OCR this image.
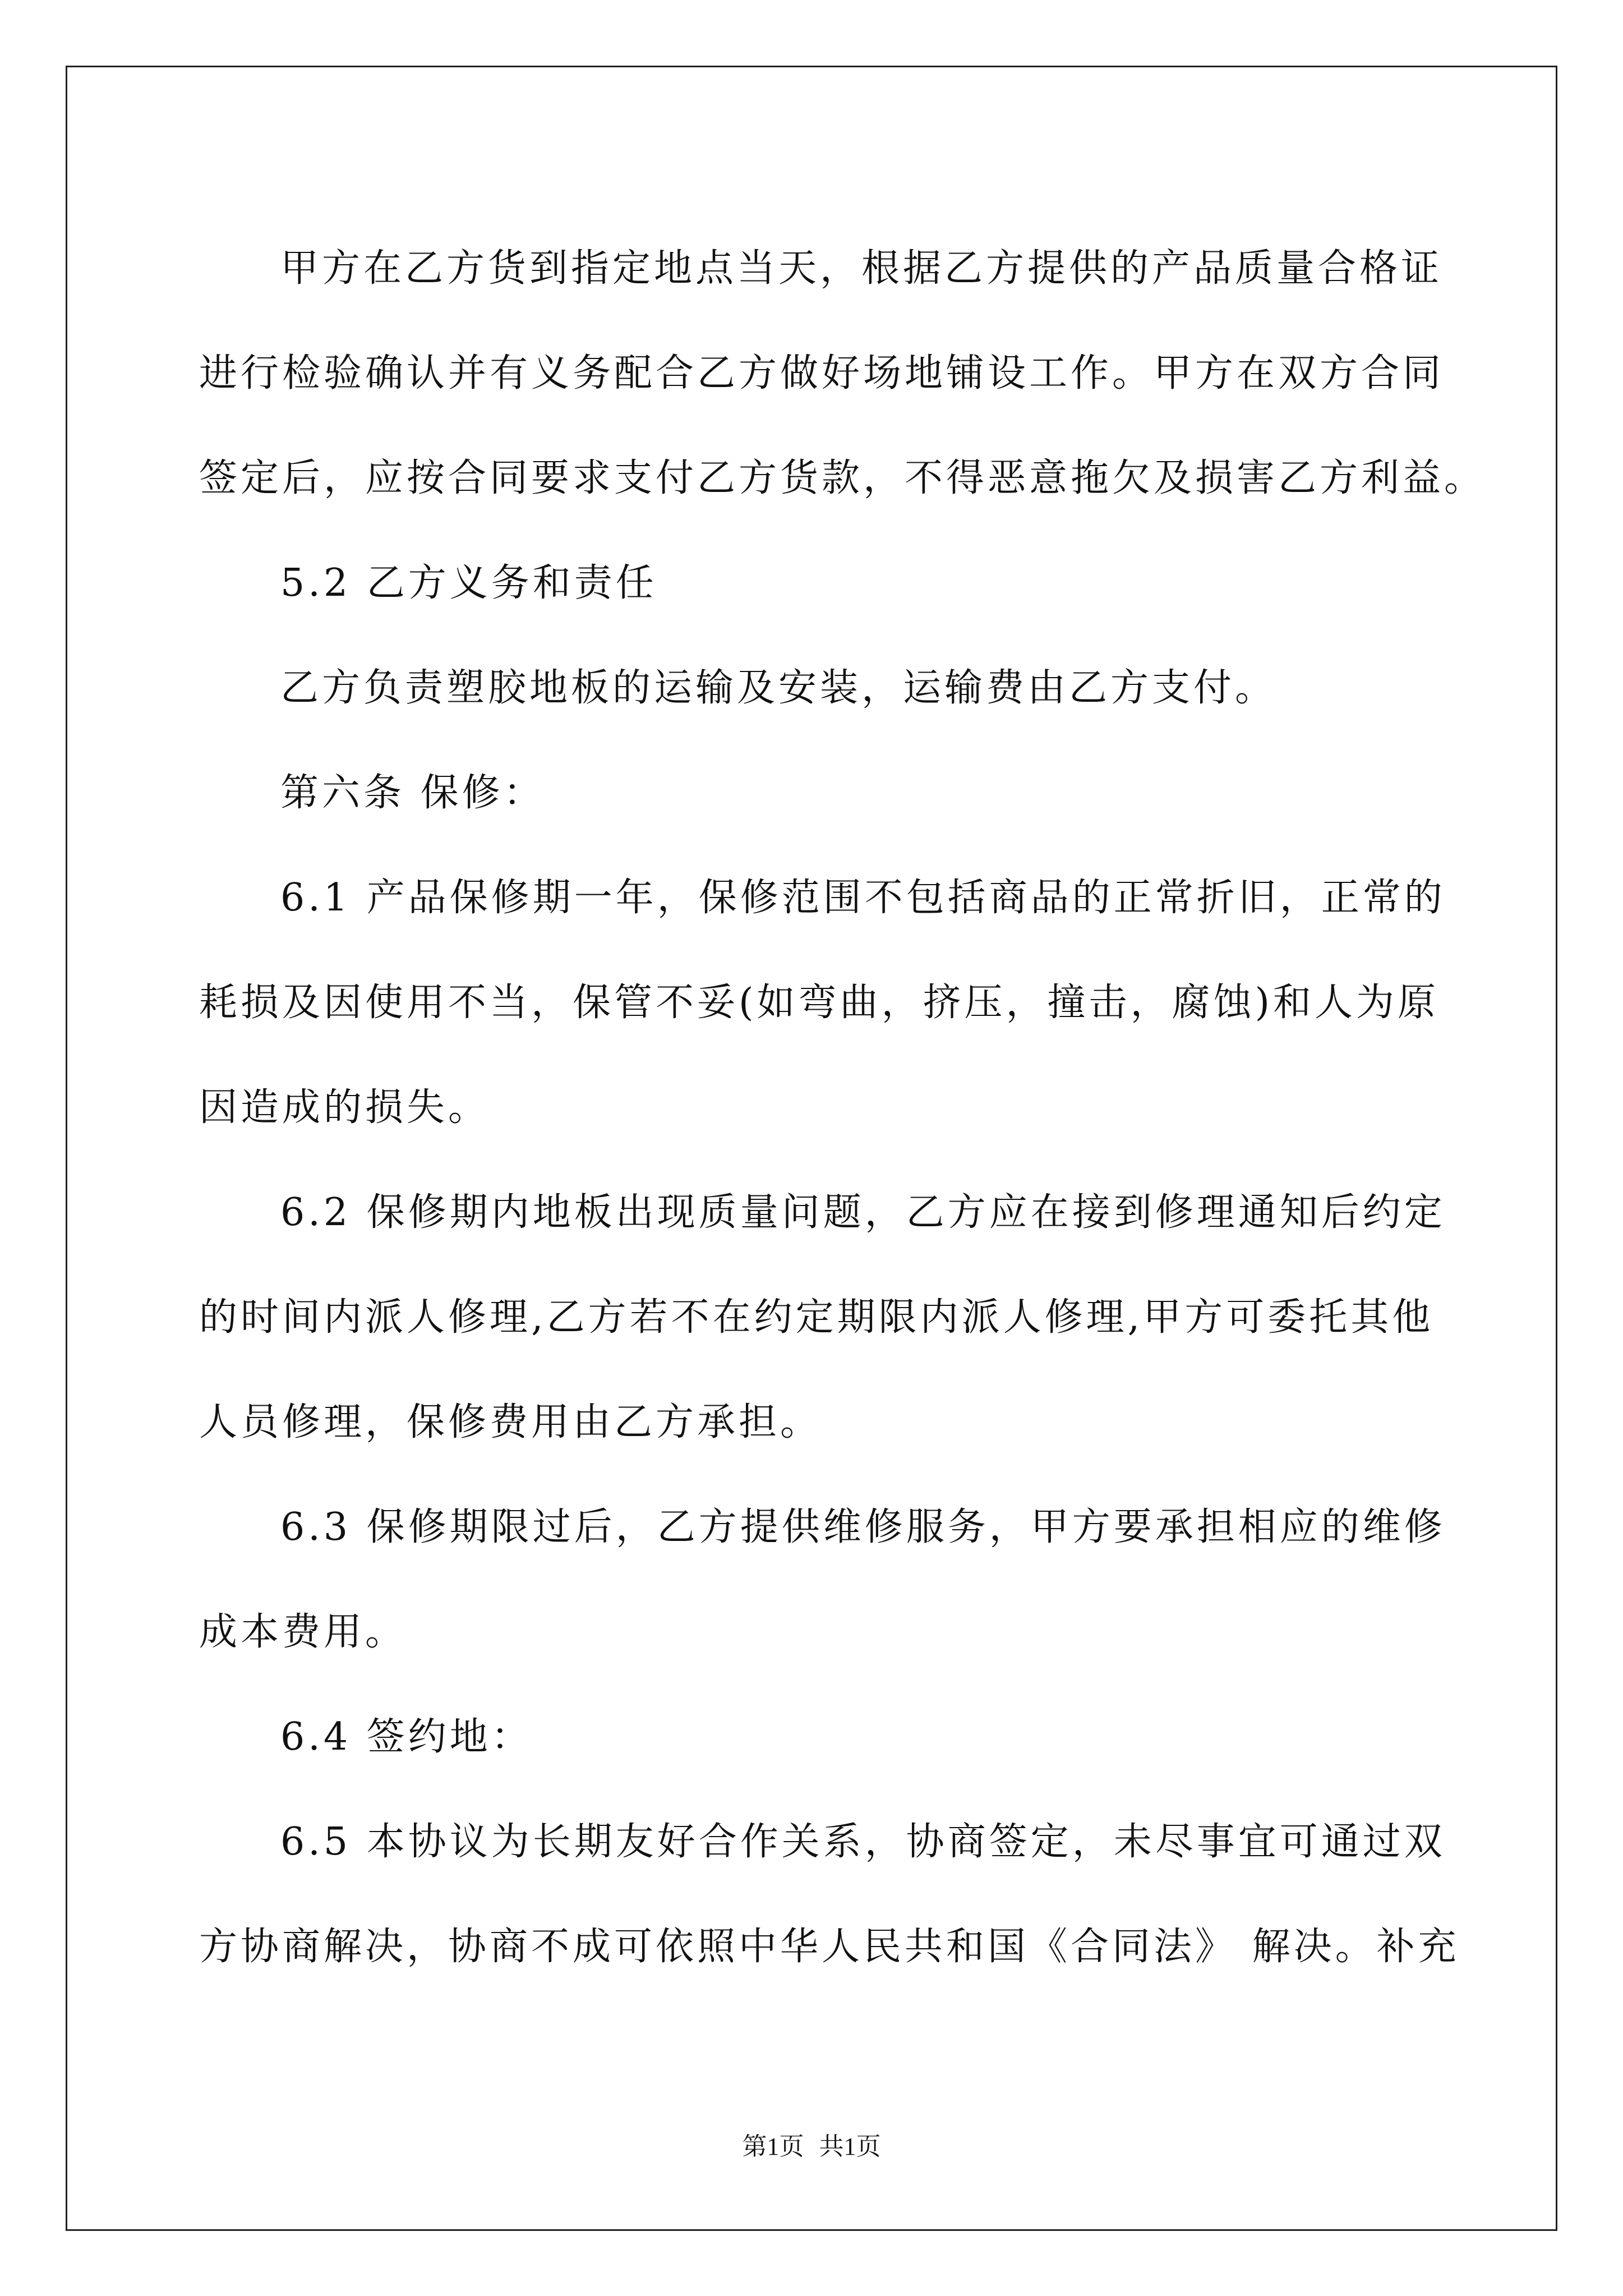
甲方在乙方货到指定地点当天，根据乙方提供的产品质量合格证
进行检验确认并有义务配合乙方做好场地铺设工作。甲方在双方合同
签定后，应按合同要求支付乙方货款，不得恶意拖欠及损害乙方利益。
5.2 乙方义务和责任
乙方负责塑胶地板的运输及安装，运输费由乙方支付。
第六条 保修：
6.1 产品保修期一年，保修范围不包括商品的正常折旧，正常的
耗损及因使用不当，保管不妥(如弯曲，挤压，撞击，腐蚀)和人为原
因造成的损失。
6.2 保修期内地板出现质量问题，乙方应在接到修理通知后约定
的时间内派人修理,乙方若不在约定期限内派人修理,甲方可委托其他
人员修理，保修费用由乙方承担。
6.3 保修期限过后，乙方提供维修服务，甲方要承担相应的维修
成本费用。
6.4 签约地：
6.5 本协议为长期友好合作关系，协商签定，未尽事宜可通过双
方协商解决，协商不成可依照中华人民共和国《合同法》 解决。补充
第1页 共1页
